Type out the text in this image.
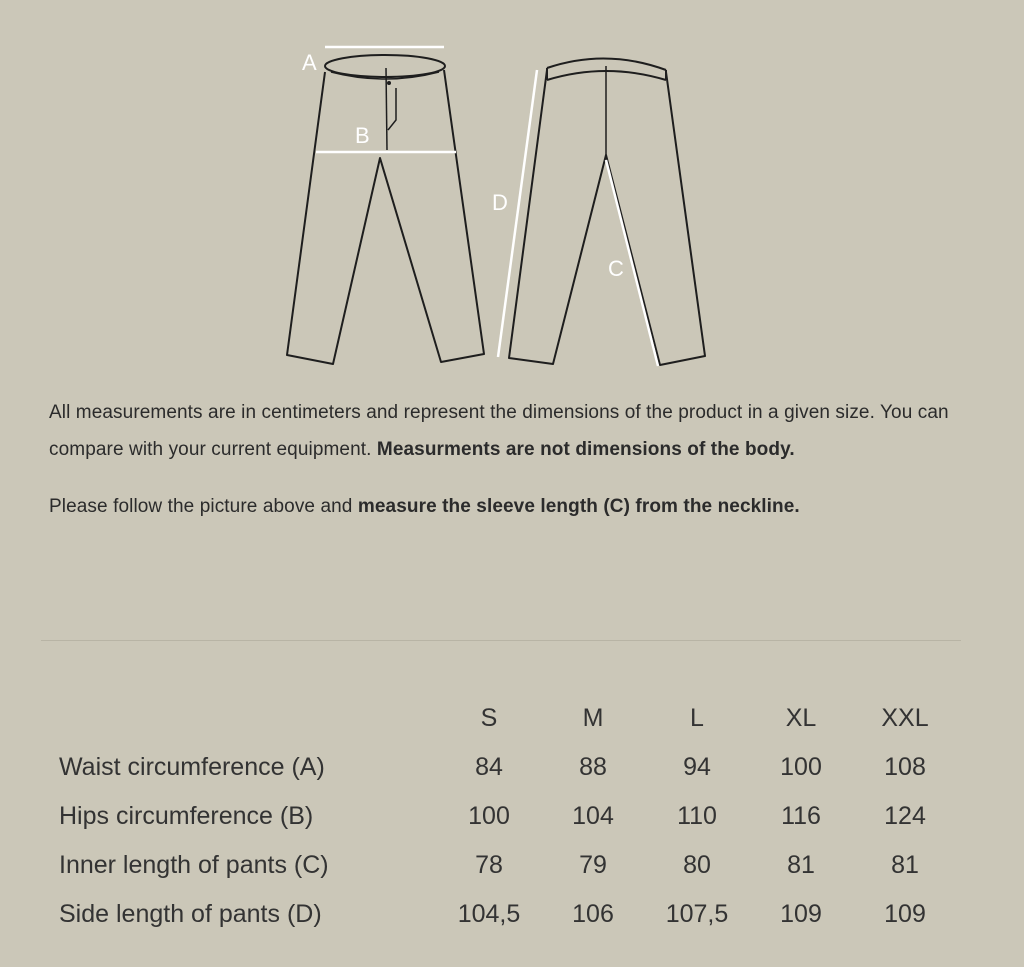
A
B
C
D

All measurements are in centimeters and represent the dimensions of the product in a given size. You can compare with your current equipment. Measurments are not dimensions of the body.

Please follow the picture above and measure the sleeve length (C) from the neckline.

	S	M	L	XL	XXL
Waist circumference (A)	84	88	94	100	108
Hips circumference (B)	100	104	110	116	124
Inner length of pants (C)	78	79	80	81	81
Side length of pants (D)	104,5	106	107,5	109	109
